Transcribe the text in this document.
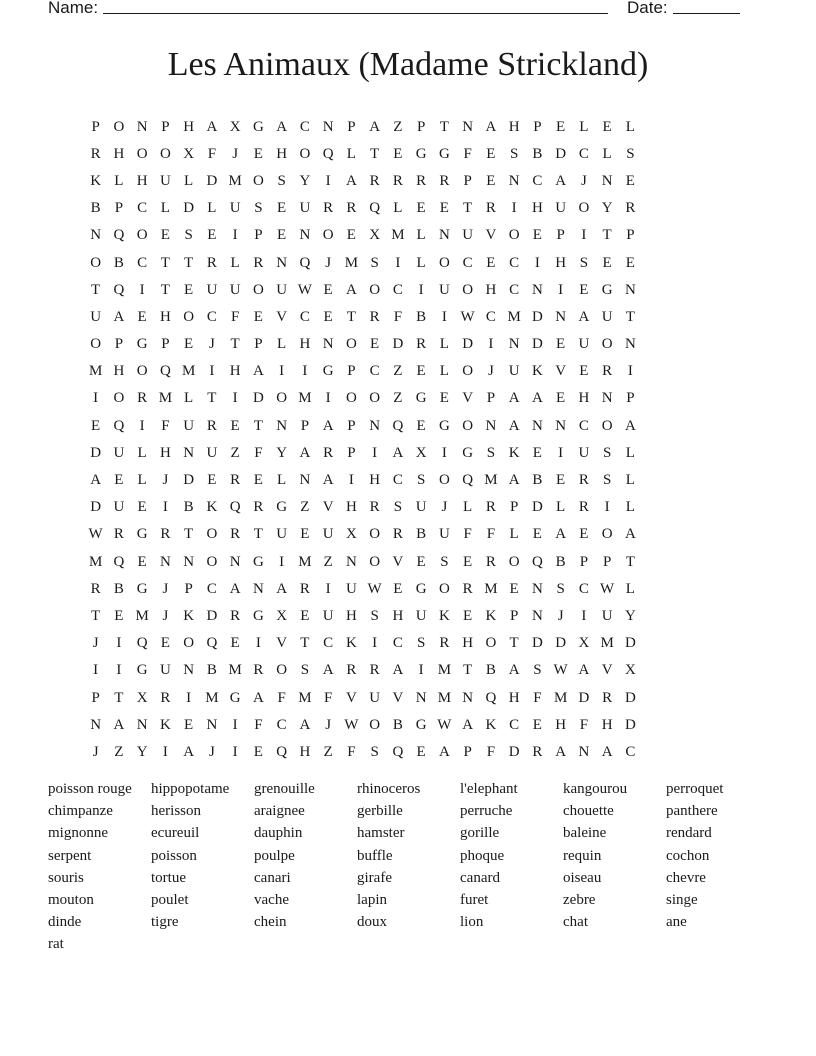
Name:	Date:
Les Animaux (Madame Strickland)
P O N P H A X G A C N P A Z P T N A H P E L E L
R H O O X F	J	E H O Q L T E G G F E S B D C L S
K L H U L D M O S Y	I	A R R R R P E N C A J N E
B P C L D L U S E U R R Q L E E T R	I	H U O Y R
N Q O E S E	I	P E N O E X M L N U V O E P	I	T P
O B C T T R L R N Q J M S	I	L O C E C	I	H S E E
T Q	I	T E U U O U W E A O C	I	U O H C N	I	E G N
U A E H O C F E V C E T R F B	I W C M D N A U T
O P G P E	J	T P L H N O E D R L D	I	N D E U O N
M H O Q M I	H A	I	I	G P C Z E L O J U K V E R	I
I	O R M L T	I	D O M I	O O Z G E V P A A E H N P
E Q	I	F U R E T N P A P N Q E G O N A N N C O A
D U L H N U Z F Y A R P	I	A X	I	G S K E	I	U S L
A E L	J D E R E L N A	I	H C S O Q M A B E R S L
D U E	I	B K Q R G Z V H R S U J	L R P D L R	I	L
W R G R T O R T U E U X O R B U F F L E A E O A
M Q E N N O N G	I M Z N O V E S E R O Q B P P T
R B G J	P C A N A R	I	U W E G O R M E N S C W L
T E M J K D R G X E U H S H U K E K P N J	I	U Y
J	I	Q E O Q E	I	V T C K	I	C S R H O T D D X M D
I	I	G U N B M R O S A R R A	I M T B A S W A V X
P T X R	I M G A F M F V U V N M N Q H F M D R D
N A N K E N	I	F C A J W O B G W A K C E H F H D
J	Z Y	I	A J	I	E Q H Z F S Q E A P F D R A N A C
poisson rouge	hippopotame	grenouille	rhinoceros	l'elephant	kangourou	perroquet
chimpanze	herisson	araignee	gerbille	perruche	chouette	panthere
mignonne	ecureuil	dauphin	hamster	gorille	baleine	rendard
serpent	poisson	poulpe	buffle	phoque	requin	cochon
souris	tortue	canari	girafe	canard	oiseau	chevre
mouton	poulet	vache	lapin	furet	zebre	singe
dinde	tigre	chein	doux	lion	chat	ane
rat
